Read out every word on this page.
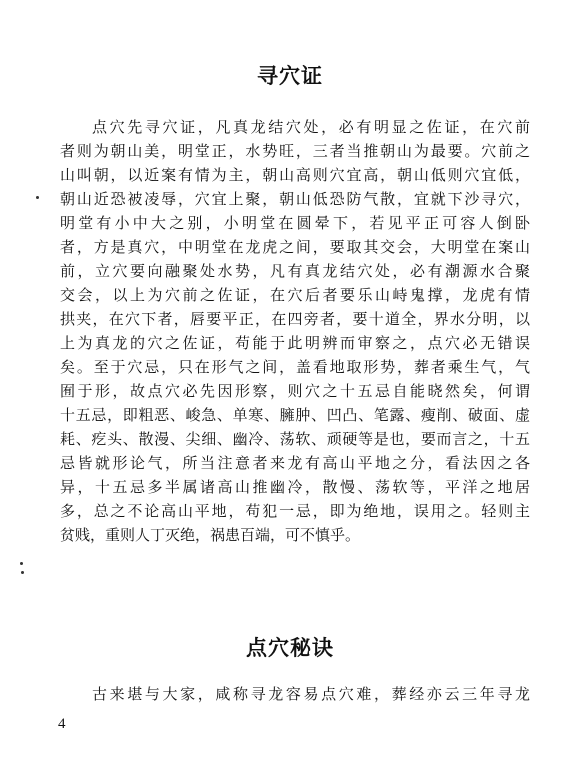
寻穴证
点穴先寻穴证，凡真龙结穴处，必有明显之佐证，在穴前
者则为朝山美，明堂正，水势旺，三者当推朝山为最要。穴前之
山叫朝，以近案有情为主，朝山高则穴宜高，朝山低则穴宜低，
朝山近恐被凌辱，穴宜上聚，朝山低恐防气散，宜就下沙寻穴，
明堂有小中大之别，小明堂在圆晕下，若见平正可容人倒卧
者，方是真穴，中明堂在龙虎之间，要取其交会，大明堂在案山
前，立穴要向融聚处水势，凡有真龙结穴处，必有潮源水合聚
交会，以上为穴前之佐证，在穴后者要乐山峙鬼撑，龙虎有情
拱夹，在穴下者，唇要平正，在四旁者，要十道全，界水分明，以
上为真龙的穴之佐证，苟能于此明辨而审察之，点穴必无错误
矣。至于穴忌，只在形气之间，盖看地取形势，葬者乘生气，气
囿于形，故点穴必先因形察，则穴之十五忌自能晓然矣，何谓
十五忌，即粗恶、峻急、单寒、臃肿、凹凸、笔露、瘦削、破面、虚
耗、疙头、散漫、尖细、幽冷、荡软、顽硬等是也，要而言之，十五
忌皆就形论气，所当注意者来龙有高山平地之分，看法因之各
异，十五忌多半属诸高山推幽冷，散慢、荡软等，平洋之地居
多，总之不论高山平地，苟犯一忌，即为绝地，误用之。轻则主
贫贱，重则人丁灭绝，祸患百端，可不慎乎。
点穴秘诀
古来堪与大家，咸称寻龙容易点穴难，葬经亦云三年寻龙
4
